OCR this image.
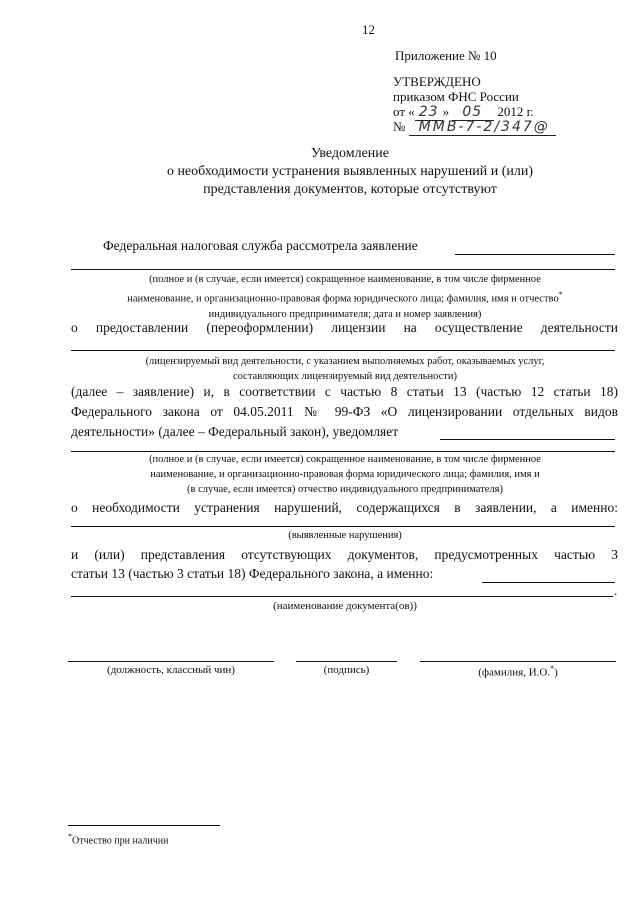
12
Приложение № 10
УТВЕРЖДЕНО
приказом ФНС России
от « 23 » 05 2012 г.
№ ММВ-7-2/347@
Уведомление
о необходимости устранения выявленных нарушений и (или)
представления документов, которые отсутствуют
Федеральная налоговая служба рассмотрела заявление
(полное и (в случае, если имеется) сокращенное наименование, в том числе фирменное
наименование, и организационно-правовая форма юридического лица; фамилия, имя и отчество*
индивидуального предпринимателя; дата и номер заявления)
о предоставлении (переоформлении) лицензии на осуществление деятельности
(лицензируемый вид деятельности, с указанием выполняемых работ, оказываемых услуг,
составляющих лицензируемый вид деятельности)
(далее – заявление) и, в соответствии с частью 8 статьи 13 (частью 12 статьи 18)
Федерального закона от 04.05.2011 № 99-ФЗ «О лицензировании отдельных видов
деятельности» (далее – Федеральный закон), уведомляет
(полное и (в случае, если имеется) сокращенное наименование, в том числе фирменное
наименование, и организационно-правовая форма юридического лица; фамилия, имя и
(в случае, если имеется) отчество индивидуального предпринимателя)
о необходимости устранения нарушений, содержащихся в заявлении, а именно:
(выявленные нарушения)
и (или) представления отсутствующих документов, предусмотренных частью 3
статьи 13 (частью 3 статьи 18) Федерального закона, а именно:
.
(наименование документа(ов))
(должность, классный чин)	(подпись)	(фамилия, И.О.*)
*Отчество при наличии
